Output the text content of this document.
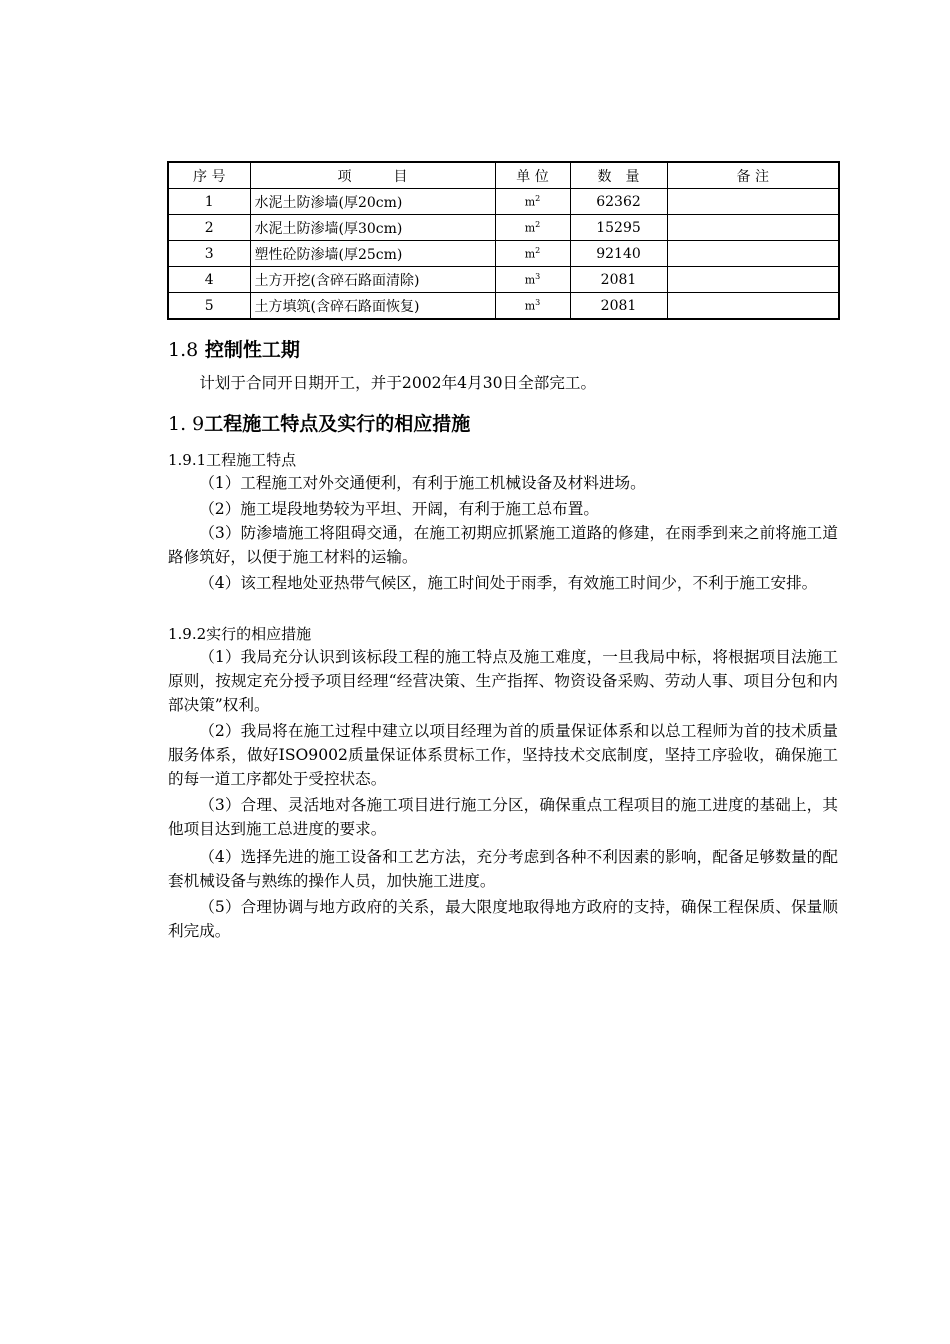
序 号	项　　　目	单 位	数　量	备 注
1	水泥土防渗墙(厚20cm)	$m^2$	62362	
2	水泥土防渗墙(厚30cm)	$m^2$	15295	
3	塑性砼防渗墙(厚25cm)	$m^2$	92140	
4	土方开挖(含碎石路面清除)	$m^3$	2081	
5	土方填筑(含碎石路面恢复)	$m^3$	2081	
1.8 控制性工期
计划于合同开日期开工，并于2002年4月30日全部完工。
1. 9工程施工特点及实行的相应措施
1.9.1工程施工特点
（1）工程施工对外交通便利，有利于施工机械设备及材料进场。
（2）施工堤段地势较为平坦、开阔，有利于施工总布置。
（3）防渗墙施工将阻碍交通，在施工初期应抓紧施工道路的修建，在雨季到来之前将施工道路修筑好，以便于施工材料的运输。
（4）该工程地处亚热带气候区，施工时间处于雨季，有效施工时间少，不利于施工安排。
1.9.2实行的相应措施
（1）我局充分认识到该标段工程的施工特点及施工难度，一旦我局中标，将根据项目法施工原则，按规定充分授予项目经理“经营决策、生产指挥、物资设备采购、劳动人事、项目分包和内部决策”权利。
（2）我局将在施工过程中建立以项目经理为首的质量保证体系和以总工程师为首的技术质量服务体系，做好ISO9002质量保证体系贯标工作，坚持技术交底制度，坚持工序验收，确保施工的每一道工序都处于受控状态。
（3）合理、灵活地对各施工项目进行施工分区，确保重点工程项目的施工进度的基础上，其他项目达到施工总进度的要求。
（4）选择先进的施工设备和工艺方法，充分考虑到各种不利因素的影响，配备足够数量的配套机械设备与熟练的操作人员，加快施工进度。
（5）合理协调与地方政府的关系，最大限度地取得地方政府的支持，确保工程保质、保量顺利完成。
